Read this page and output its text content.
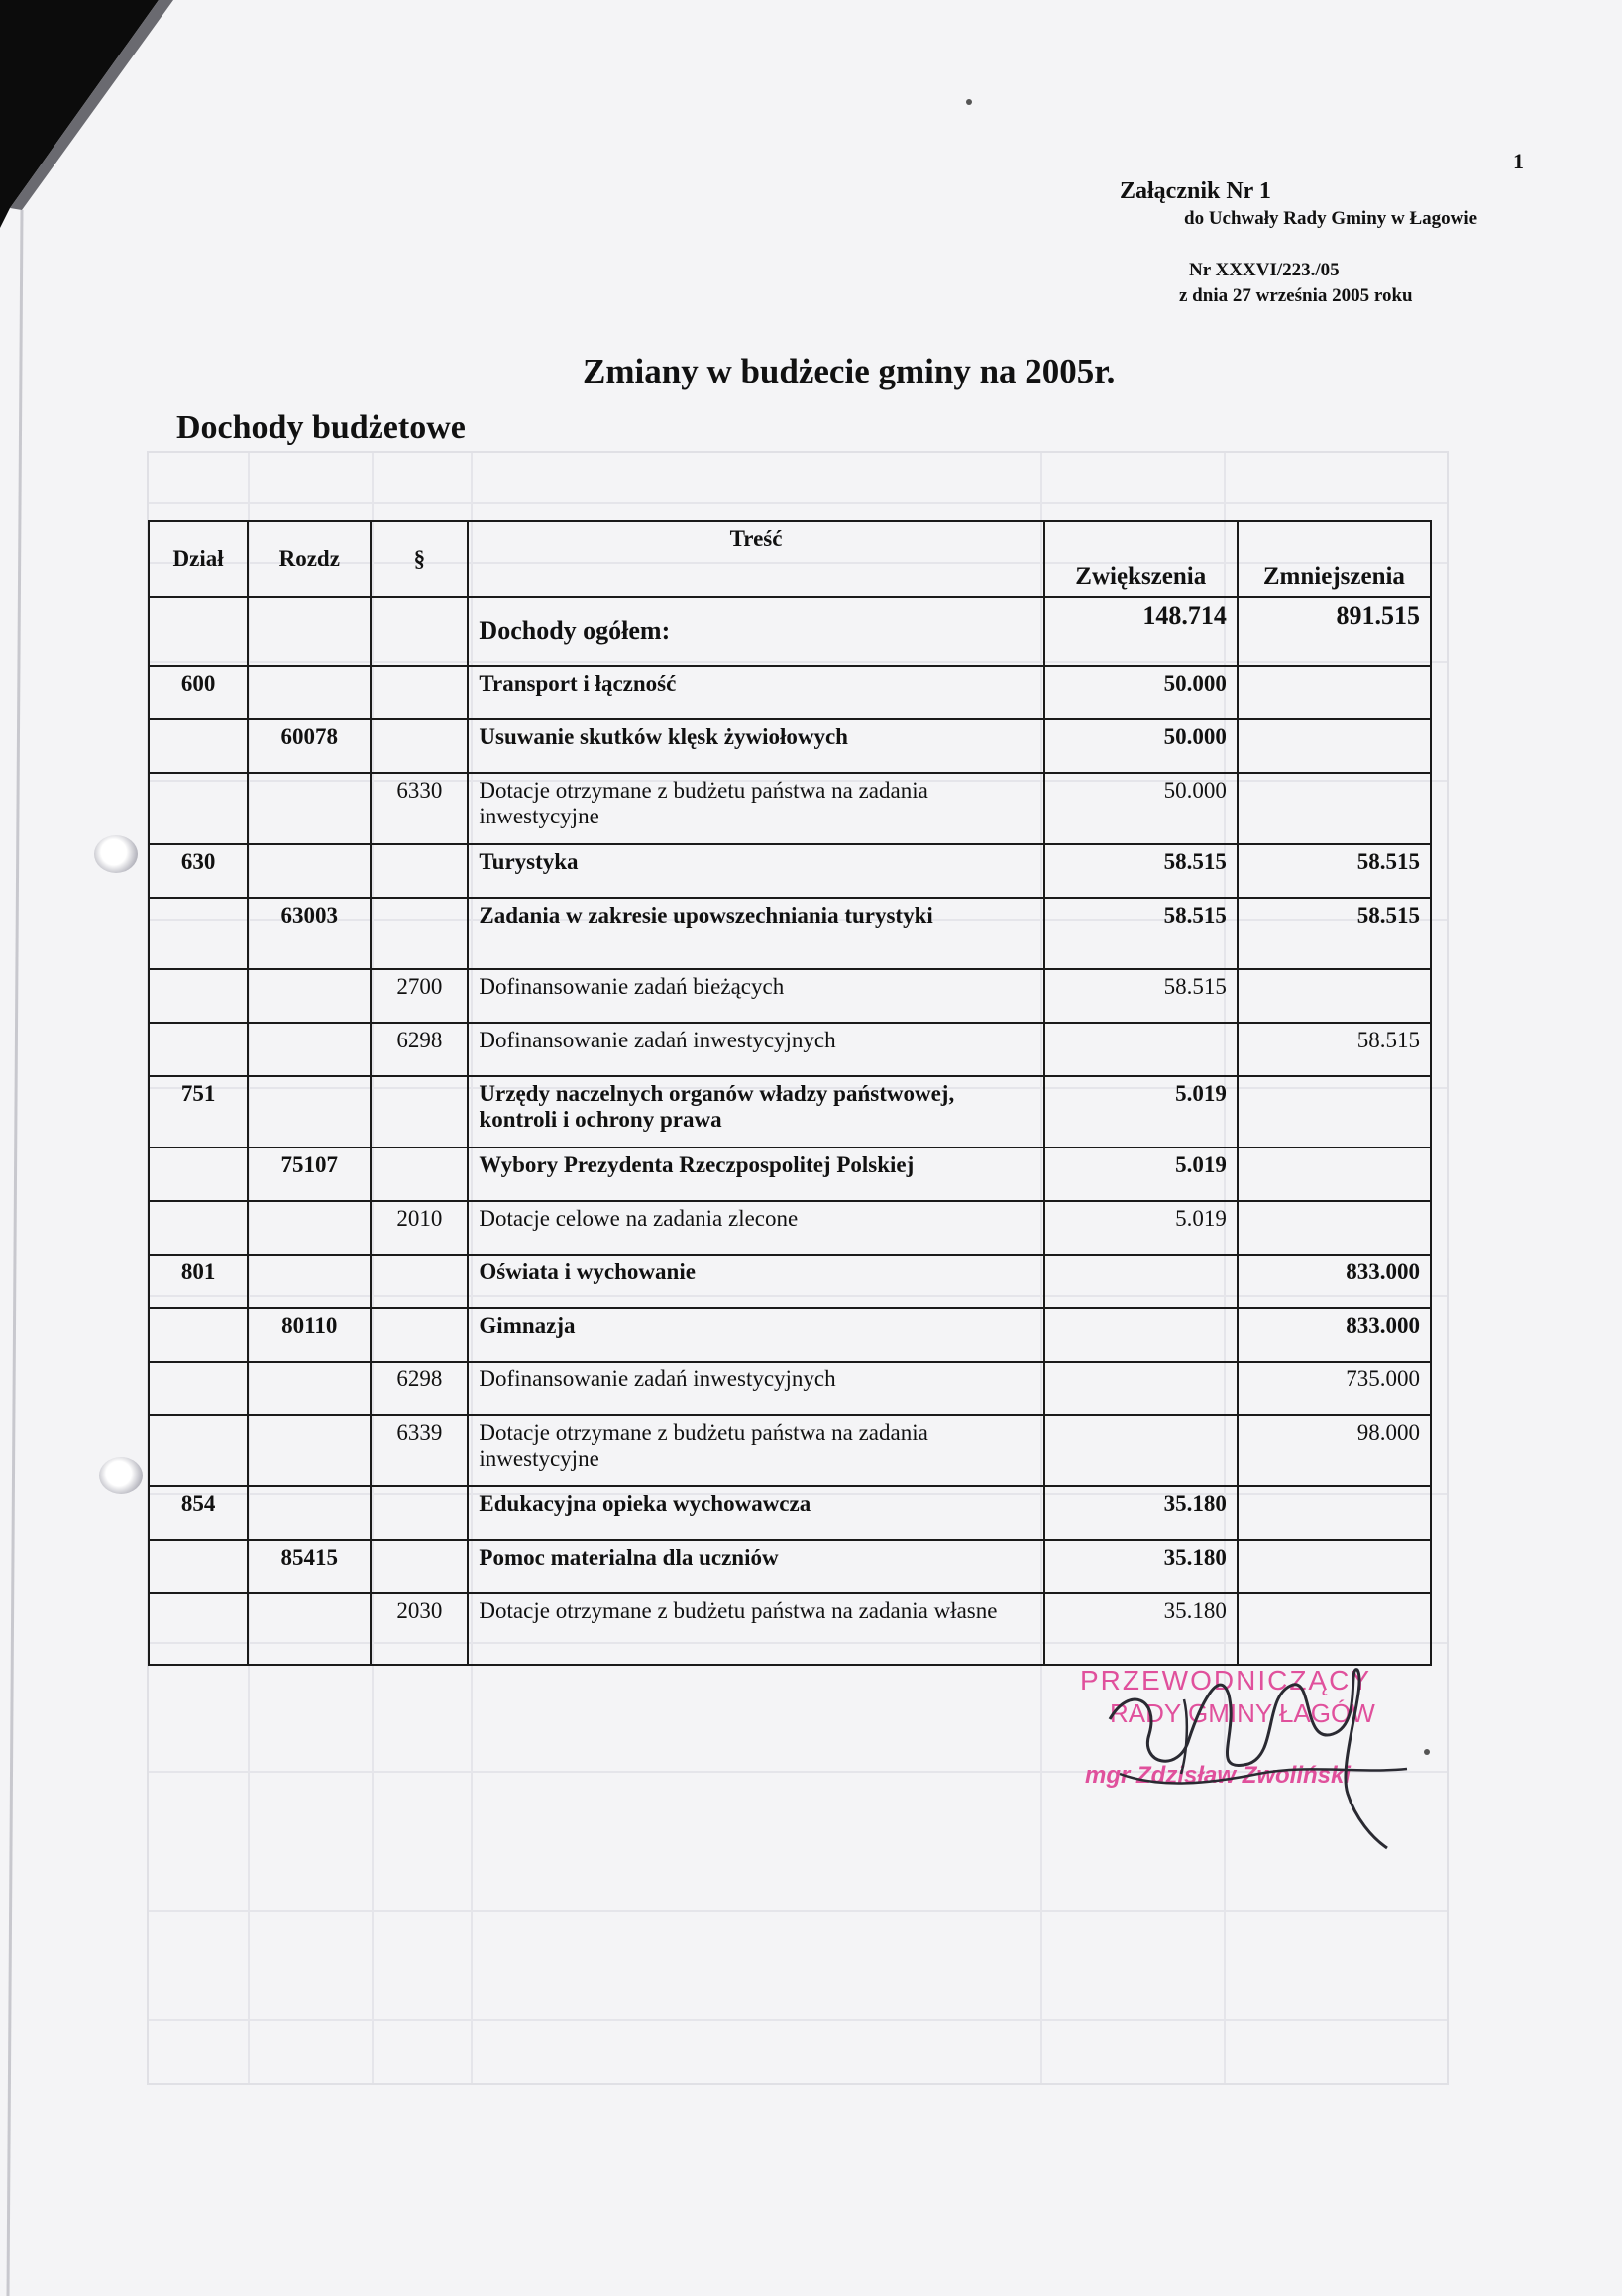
1
Załącznik Nr 1
do Uchwały Rady Gminy w Łagowie
Nr XXXVI/223./05
z dnia 27 września 2005 roku
Zmiany w budżecie gminy na 2005r.
Dochody budżetowe
Dział	Rozdz	§	Treść	Zwiększenia	Zmniejszenia
			Dochody ogółem:	148.714	891.515
600			Transport i łączność	50.000	
	60078		Usuwanie skutków klęsk żywiołowych	50.000	
		6330	Dotacje otrzymane z budżetu państwa na zadania inwestycyjne	50.000	
630			Turystyka	58.515	58.515
	63003		Zadania w zakresie upowszechniania turystyki	58.515	58.515
		2700	Dofinansowanie zadań bieżących	58.515	
		6298	Dofinansowanie zadań inwestycyjnych		58.515
751			Urzędy naczelnych organów władzy państwowej, kontroli i ochrony prawa	5.019	
	75107		Wybory Prezydenta Rzeczpospolitej Polskiej	5.019	
		2010	Dotacje celowe na zadania zlecone	5.019	
801			Oświata i wychowanie		833.000
	80110		Gimnazja		833.000
		6298	Dofinansowanie zadań inwestycyjnych		735.000
		6339	Dotacje otrzymane z budżetu państwa na zadania inwestycyjne		98.000
854			Edukacyjna opieka wychowawcza	35.180	
	85415		Pomoc materialna dla uczniów	35.180	
		2030	Dotacje otrzymane z budżetu państwa na zadania własne	35.180	
PRZEWODNICZĄCY
RADY GMINY ŁAGÓW
mgr Zdzisław Zwoliński
